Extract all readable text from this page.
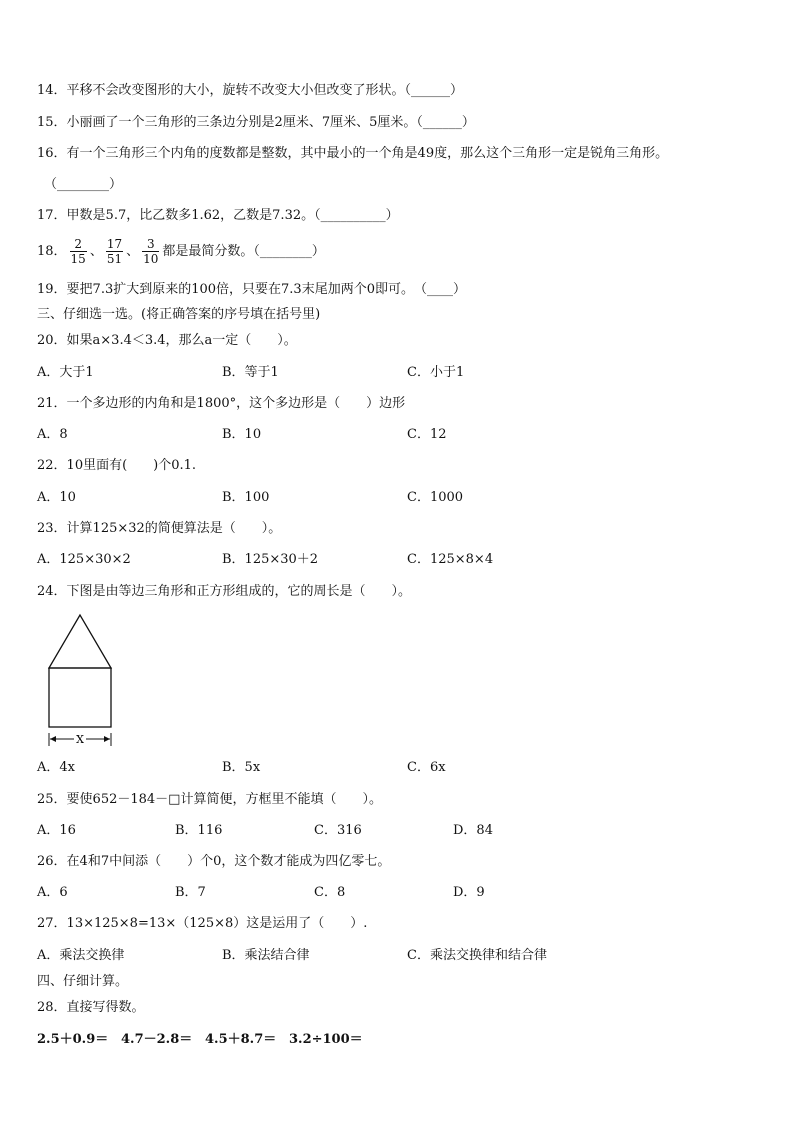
14．平移不会改变图形的大小，旋转不改变大小但改变了形状。（______）
15．小丽画了一个三角形的三条边分别是2厘米、7厘米、5厘米。（______）
16．有一个三角形三个内角的度数都是整数，其中最小的一个角是49度，那么这个三角形一定是锐角三角形。
（________）
17．甲数是5.7，比乙数多1.62，乙数是7.32。（__________）
18． $\frac{2}{15}$ 、 $\frac{17}{51}$ 、 $\frac{3}{10}$ 都是最简分数。（________）
19．要把7.3扩大到原来的100倍，只要在7.3末尾加两个0即可。　（____）
三、仔细选一选。(将正确答案的序号填在括号里)
20．如果a×3.4＜3.4，那么a一定（　　）。
A．大于1	B．等于1	C．小于1
21．一个多边形的内角和是1800°，这个多边形是（　　）边形
A．8	B．10	C．12
22．10里面有(　　)个0.1.
A．10	B．100	C．1000
23．计算125×32的简便算法是（　　）。
A．125×30×2	B．125×30＋2	C．125×8×4
24．下图是由等边三角形和正方形组成的，它的周长是（　　）。
X
A．4x	B．5x	C．6x
25．要使652－184－□计算简便，方框里不能填（　　）。
A．16	B．116	C．316	D．84
26．在4和7中间添（　　）个0，这个数才能成为四亿零七。
A．6	B．7	C．8	D．9
27．13×125×8=13×（125×8）这是运用了（　　）.
A．乘法交换律	B．乘法结合律	C．乘法交换律和结合律
四、仔细计算。
28．直接写得数。
2.5＋0.9＝ 4.7－2.8＝ 4.5＋8.7＝ 3.2÷100＝
